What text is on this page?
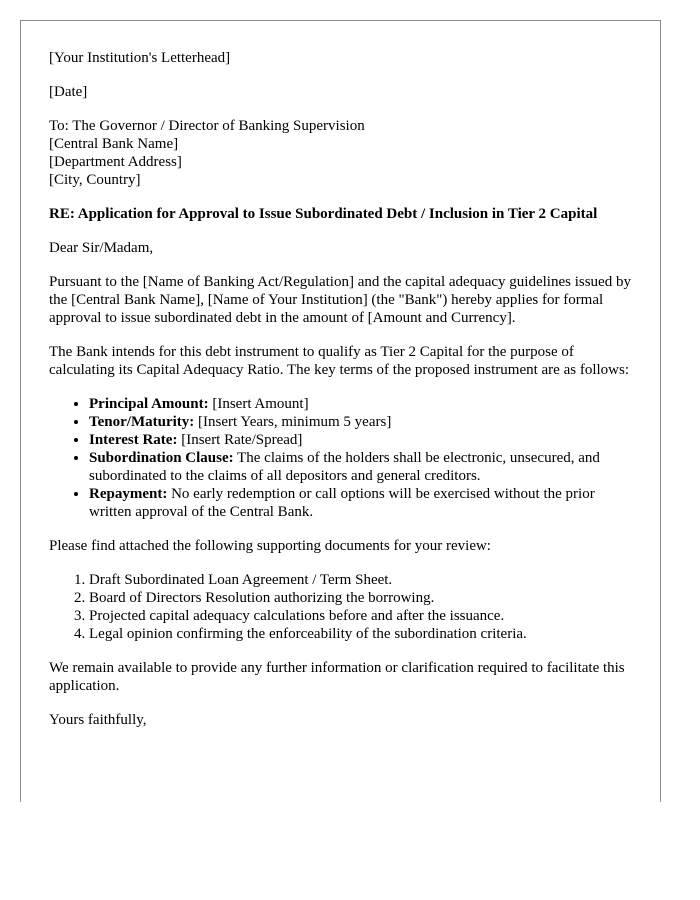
[Your Institution's Letterhead]

[Date]

To: The Governor / Director of Banking Supervision
[Central Bank Name]
[Department Address]
[City, Country]

RE: Application for Approval to Issue Subordinated Debt / Inclusion in Tier 2 Capital

Dear Sir/Madam,

Pursuant to the [Name of Banking Act/Regulation] and the capital adequacy guidelines issued by the [Central Bank Name], [Name of Your Institution] (the "Bank") hereby applies for formal approval to issue subordinated debt in the amount of [Amount and Currency].

The Bank intends for this debt instrument to qualify as Tier 2 Capital for the purpose of calculating its Capital Adequacy Ratio. The key terms of the proposed instrument are as follows:

• Principal Amount: [Insert Amount]
• Tenor/Maturity: [Insert Years, minimum 5 years]
• Interest Rate: [Insert Rate/Spread]
• Subordination Clause: The claims of the holders shall be electronic, unsecured, and subordinated to the claims of all depositors and general creditors.
• Repayment: No early redemption or call options will be exercised without the prior written approval of the Central Bank.

Please find attached the following supporting documents for your review:

1. Draft Subordinated Loan Agreement / Term Sheet.
2. Board of Directors Resolution authorizing the borrowing.
3. Projected capital adequacy calculations before and after the issuance.
4. Legal opinion confirming the enforceability of the subordination criteria.

We remain available to provide any further information or clarification required to facilitate this application.

Yours faithfully,
